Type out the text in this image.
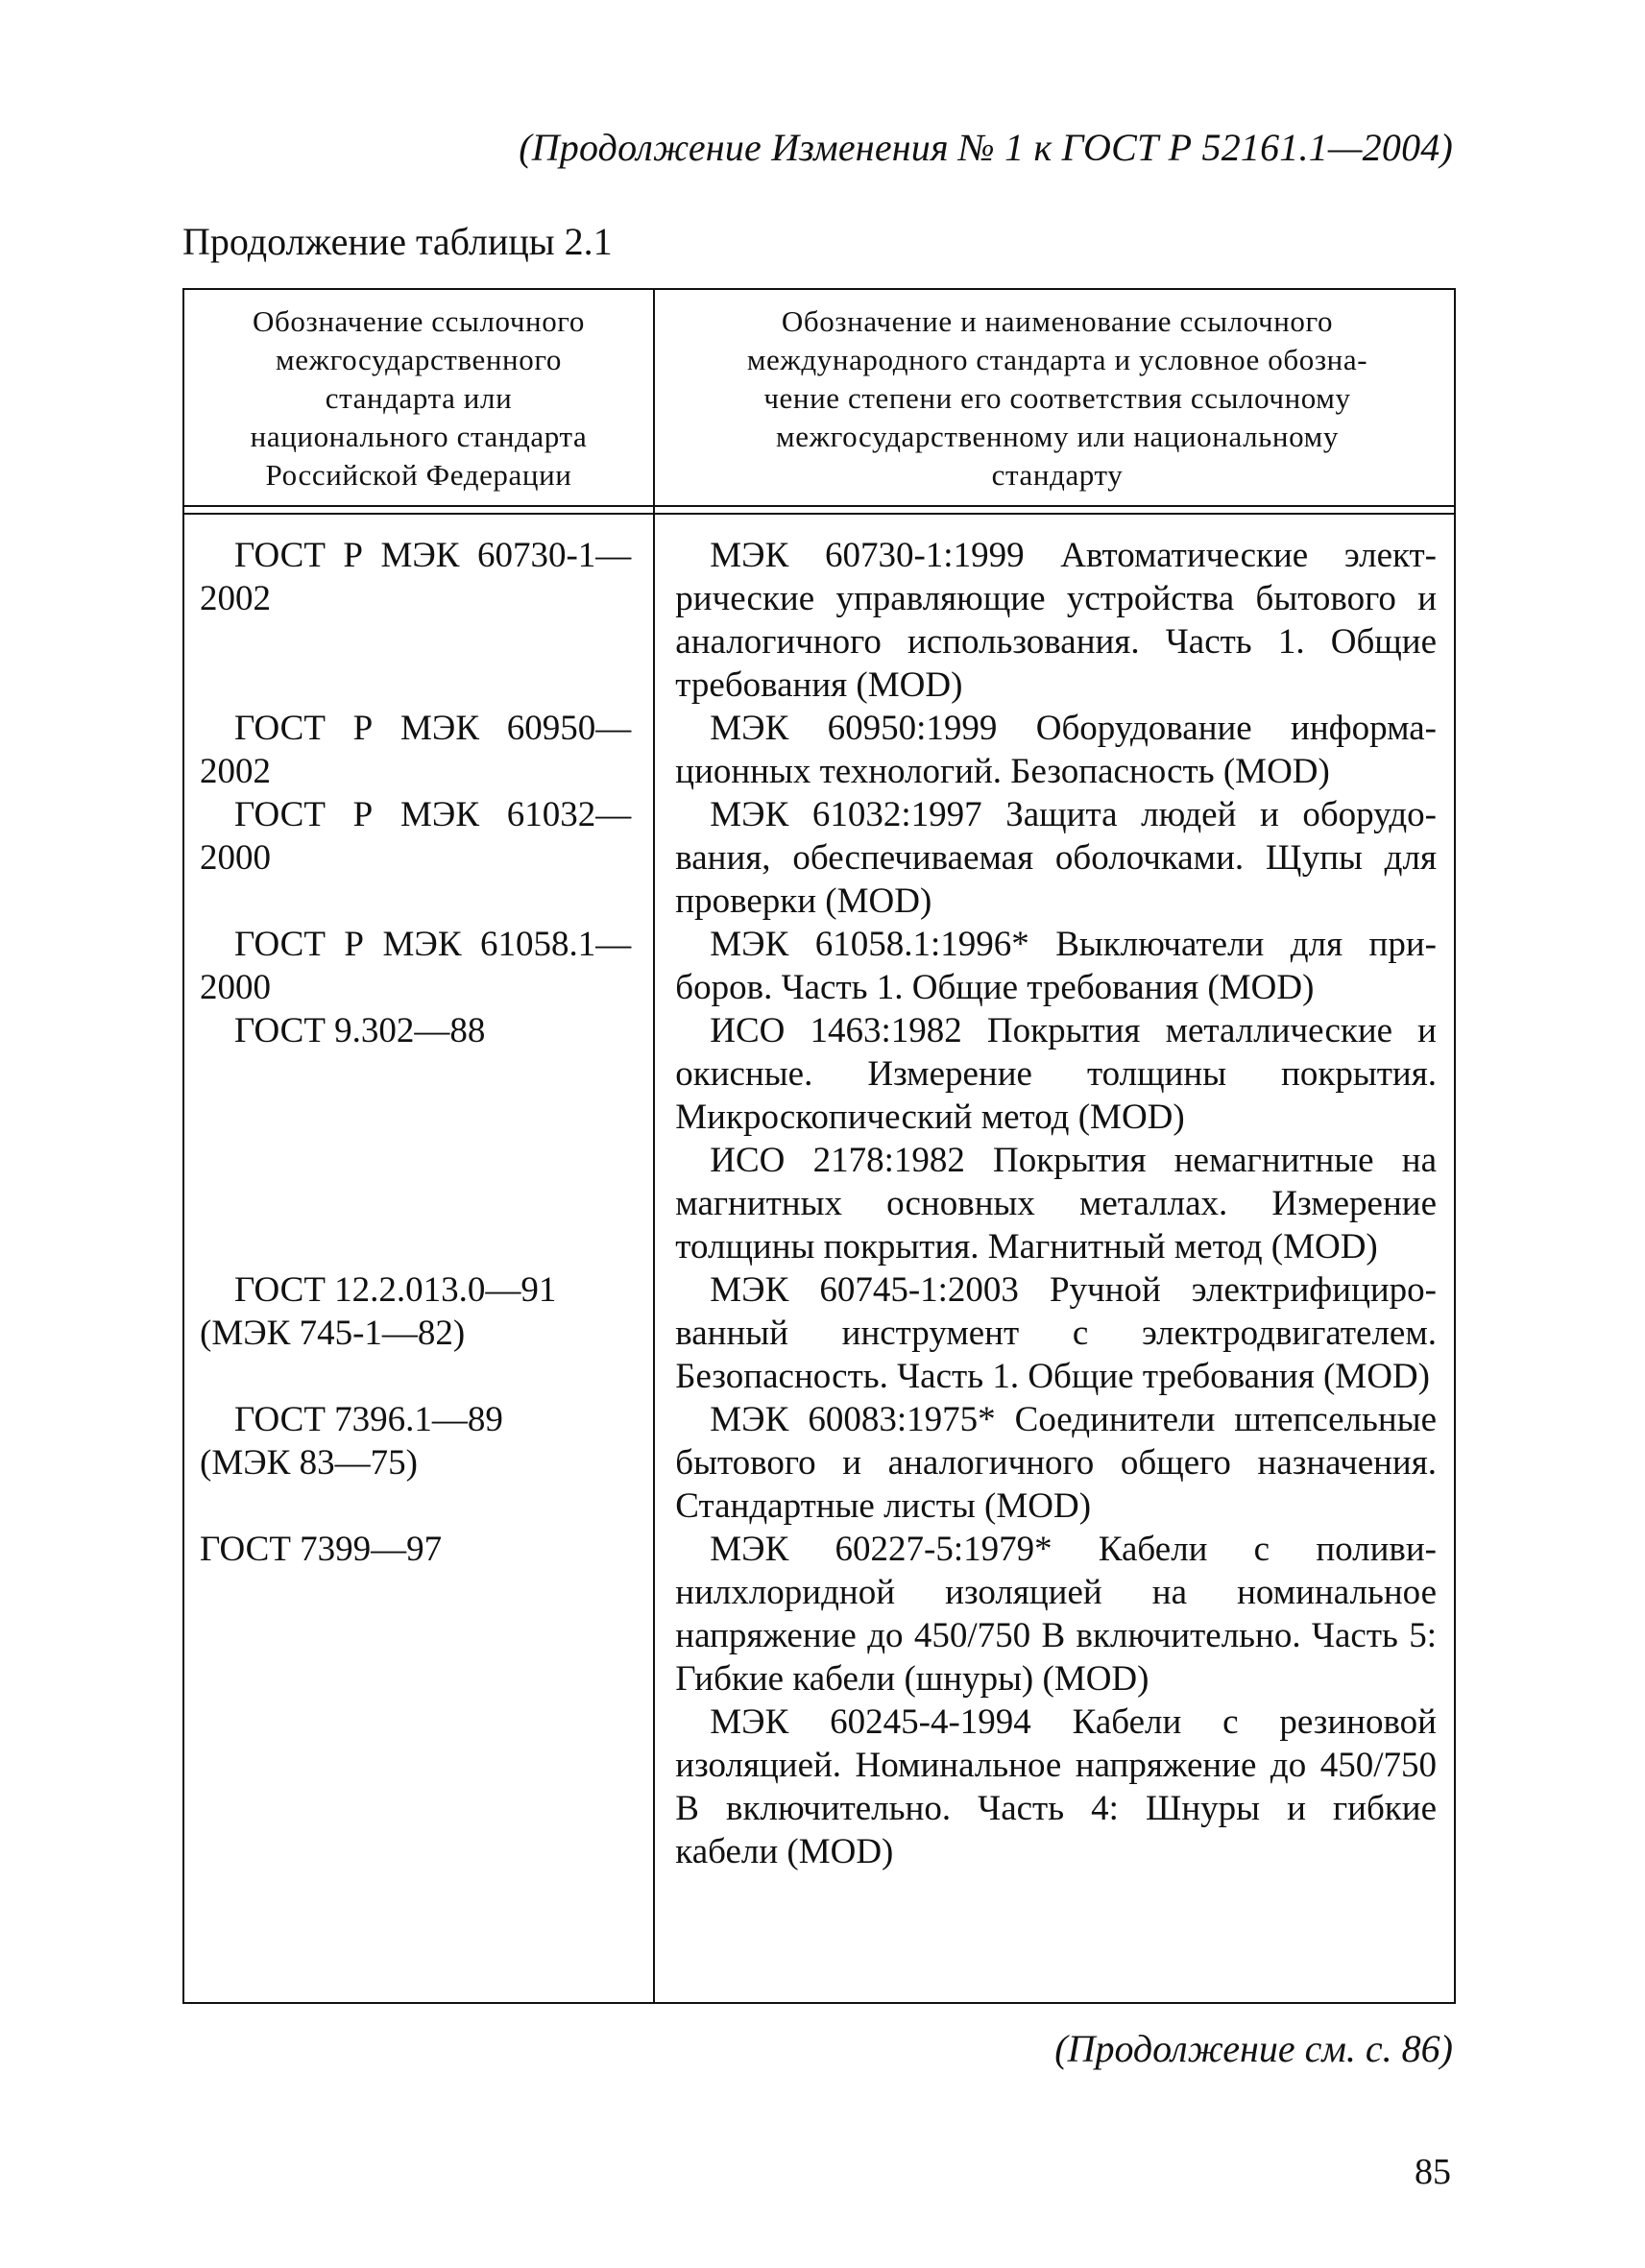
(Продолжение Изменения № 1 к ГОСТ Р 52161.1—2004)
Продолжение таблицы 2.1
Обозначение ссылочного
межгосударственного
стандарта или
национального стандарта
Российской Федерации
Обозначение и наименование ссылочного
международного стандарта и условное обозна-
чение степени его соответствия ссылочному
межгосударственному или национальному
стандарту
ГОСТ Р МЭК 60730-1—
2002
МЭК 60730-1:1999 Автоматические электрические управляющие устройства бытового и аналогичного использования. Часть 1. Общие требования (MOD)
ГОСТ Р МЭК 60950—
2002
МЭК 60950:1999 Оборудование информационных технологий. Безопасность (MOD)
ГОСТ Р МЭК 61032—
2000
МЭК 61032:1997 Защита людей и оборудования, обеспечиваемая оболочками. Щупы для проверки (MOD)
ГОСТ Р МЭК 61058.1—
2000
МЭК 61058.1:1996* Выключатели для приборов. Часть 1. Общие требования (MOD)
ГОСТ 9.302—88	ИСО 1463:1982 Покрытия металлические и окисные. Измерение толщины покрытия. Микроскопический метод (MOD)
ИСО 2178:1982 Покрытия немагнитные на магнитных основных металлах. Измерение толщины покрытия. Магнитный метод (MOD)
ГОСТ 12.2.013.0—91
(МЭК 745-1—82)
МЭК 60745-1:2003 Ручной электрифицированный инструмент с электродвигателем. Безопасность. Часть 1. Общие требования (MOD)
ГОСТ 7396.1—89
(МЭК 83—75)
МЭК 60083:1975* Соединители штепсельные бытового и аналогичного общего назначения. Стандартные листы (MOD)
ГОСТ 7399—97	МЭК 60227-5:1979* Кабели с поливинилхлоридной изоляцией на номинальное напряжение до 450/750 В включительно. Часть 5: Гибкие кабели (шнуры) (MOD)
МЭК 60245-4-1994 Кабели с резиновой изоляцией. Номинальное напряжение до 450/750 В включительно. Часть 4: Шнуры и гибкие кабели (MOD)
(Продолжение см. с. 86)
85
